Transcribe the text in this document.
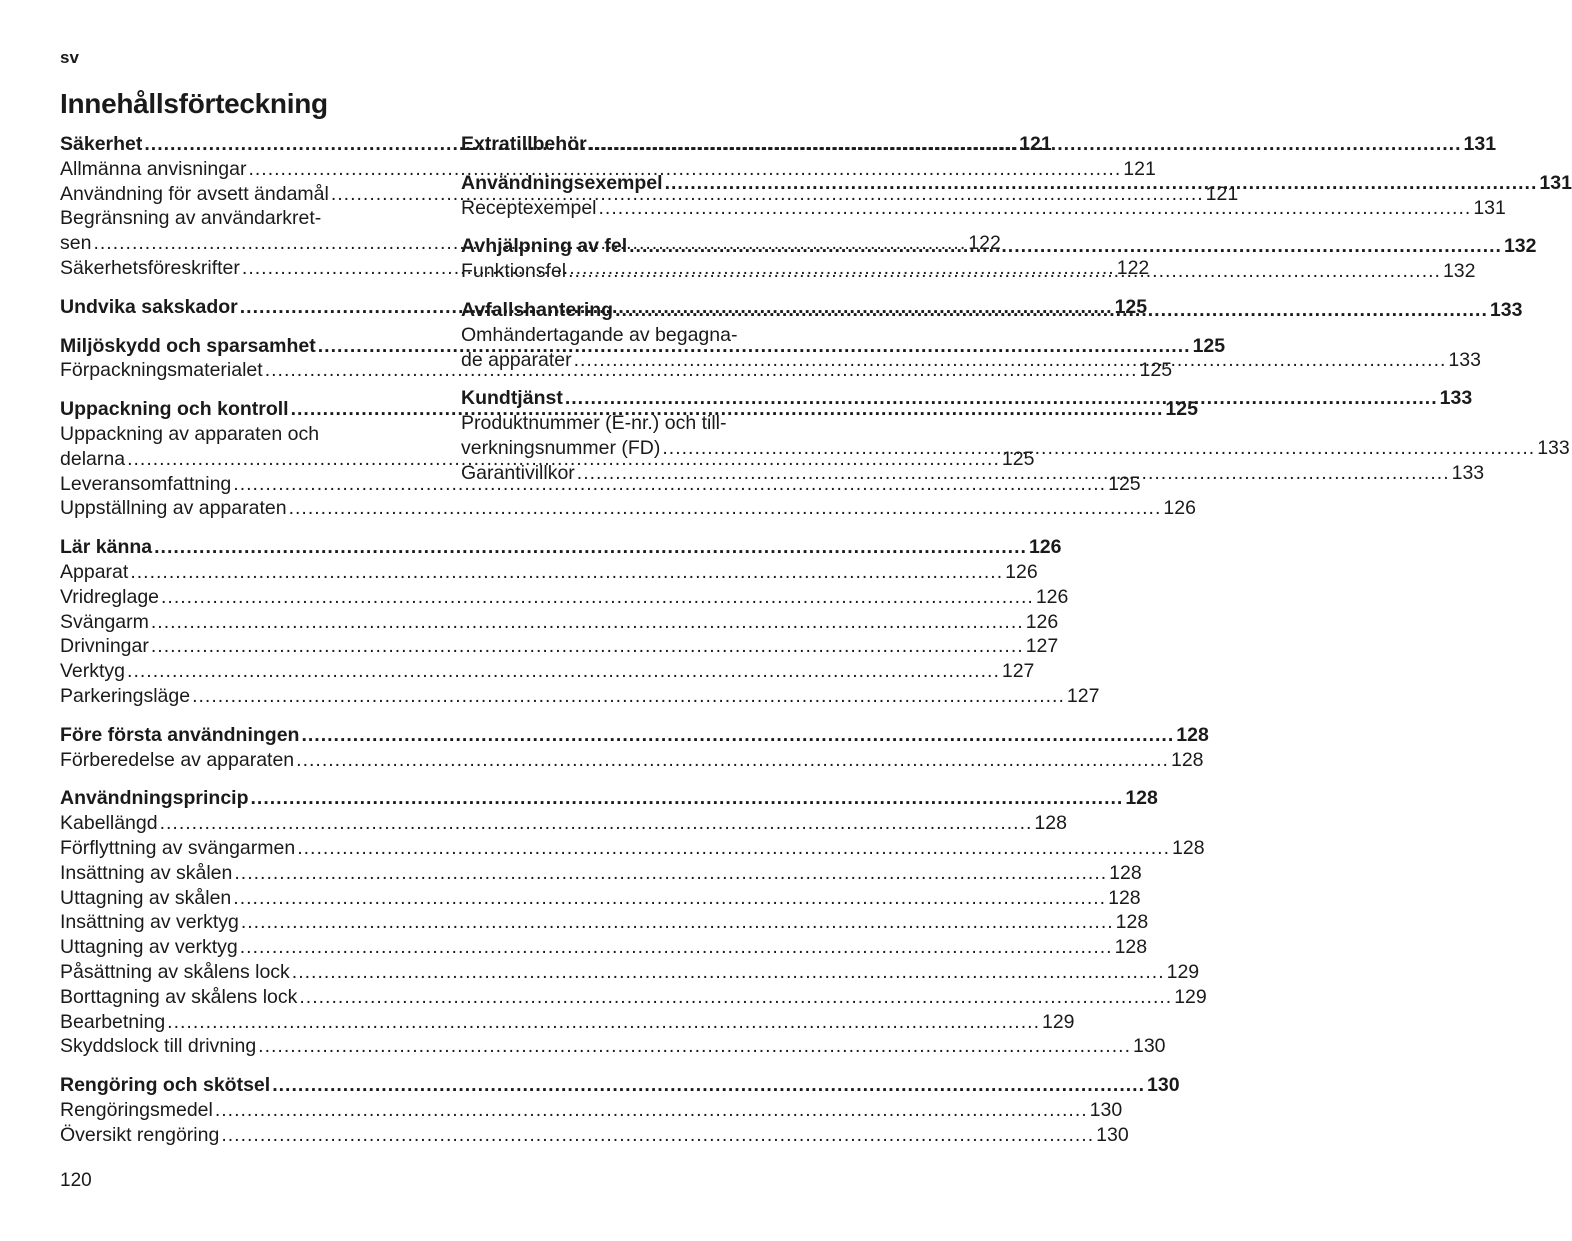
sv
Innehållsförteckning
Säkerhet .....	121
Allmänna anvisningar .....	121
Användning för avsett ändamål .....	121
Begränsning av användarkret-
sen .....	122
Säkerhetsföreskrifter .....	122
Undvika sakskador .....	125
Miljöskydd och sparsamhet .....	125
Förpackningsmaterialet .....	125
Uppackning och kontroll .....	125
Uppackning av apparaten och
delarna .....	125
Leveransomfattning .....	125
Uppställning av apparaten .....	126
Lär känna .....	126
Apparat .....	126
Vridreglage .....	126
Svängarm .....	126
Drivningar .....	127
Verktyg .....	127
Parkeringsläge .....	127
Före första användningen .....	128
Förberedelse av apparaten .....	128
Användningsprincip .....	128
Kabellängd .....	128
Förflyttning av svängarmen .....	128
Insättning av skålen .....	128
Uttagning av skålen .....	128
Insättning av verktyg .....	128
Uttagning av verktyg .....	128
Påsättning av skålens lock .....	129
Borttagning av skålens lock .....	129
Bearbetning .....	129
Skyddslock till drivning .....	130
Rengöring och skötsel .....	130
Rengöringsmedel .....	130
Översikt rengöring .....	130
Extratillbehör .....	131
Användningsexempel .....	131
Receptexempel .....	131
Avhjälpning av fel .....	132
Funktionsfel .....	132
Avfallshantering .....	133
Omhändertagande av begagna-
de apparater .....	133
Kundtjänst .....	133
Produktnummer (E-nr.) och till-
verkningsnummer (FD) .....	133
Garantivillkor .....	133
120
